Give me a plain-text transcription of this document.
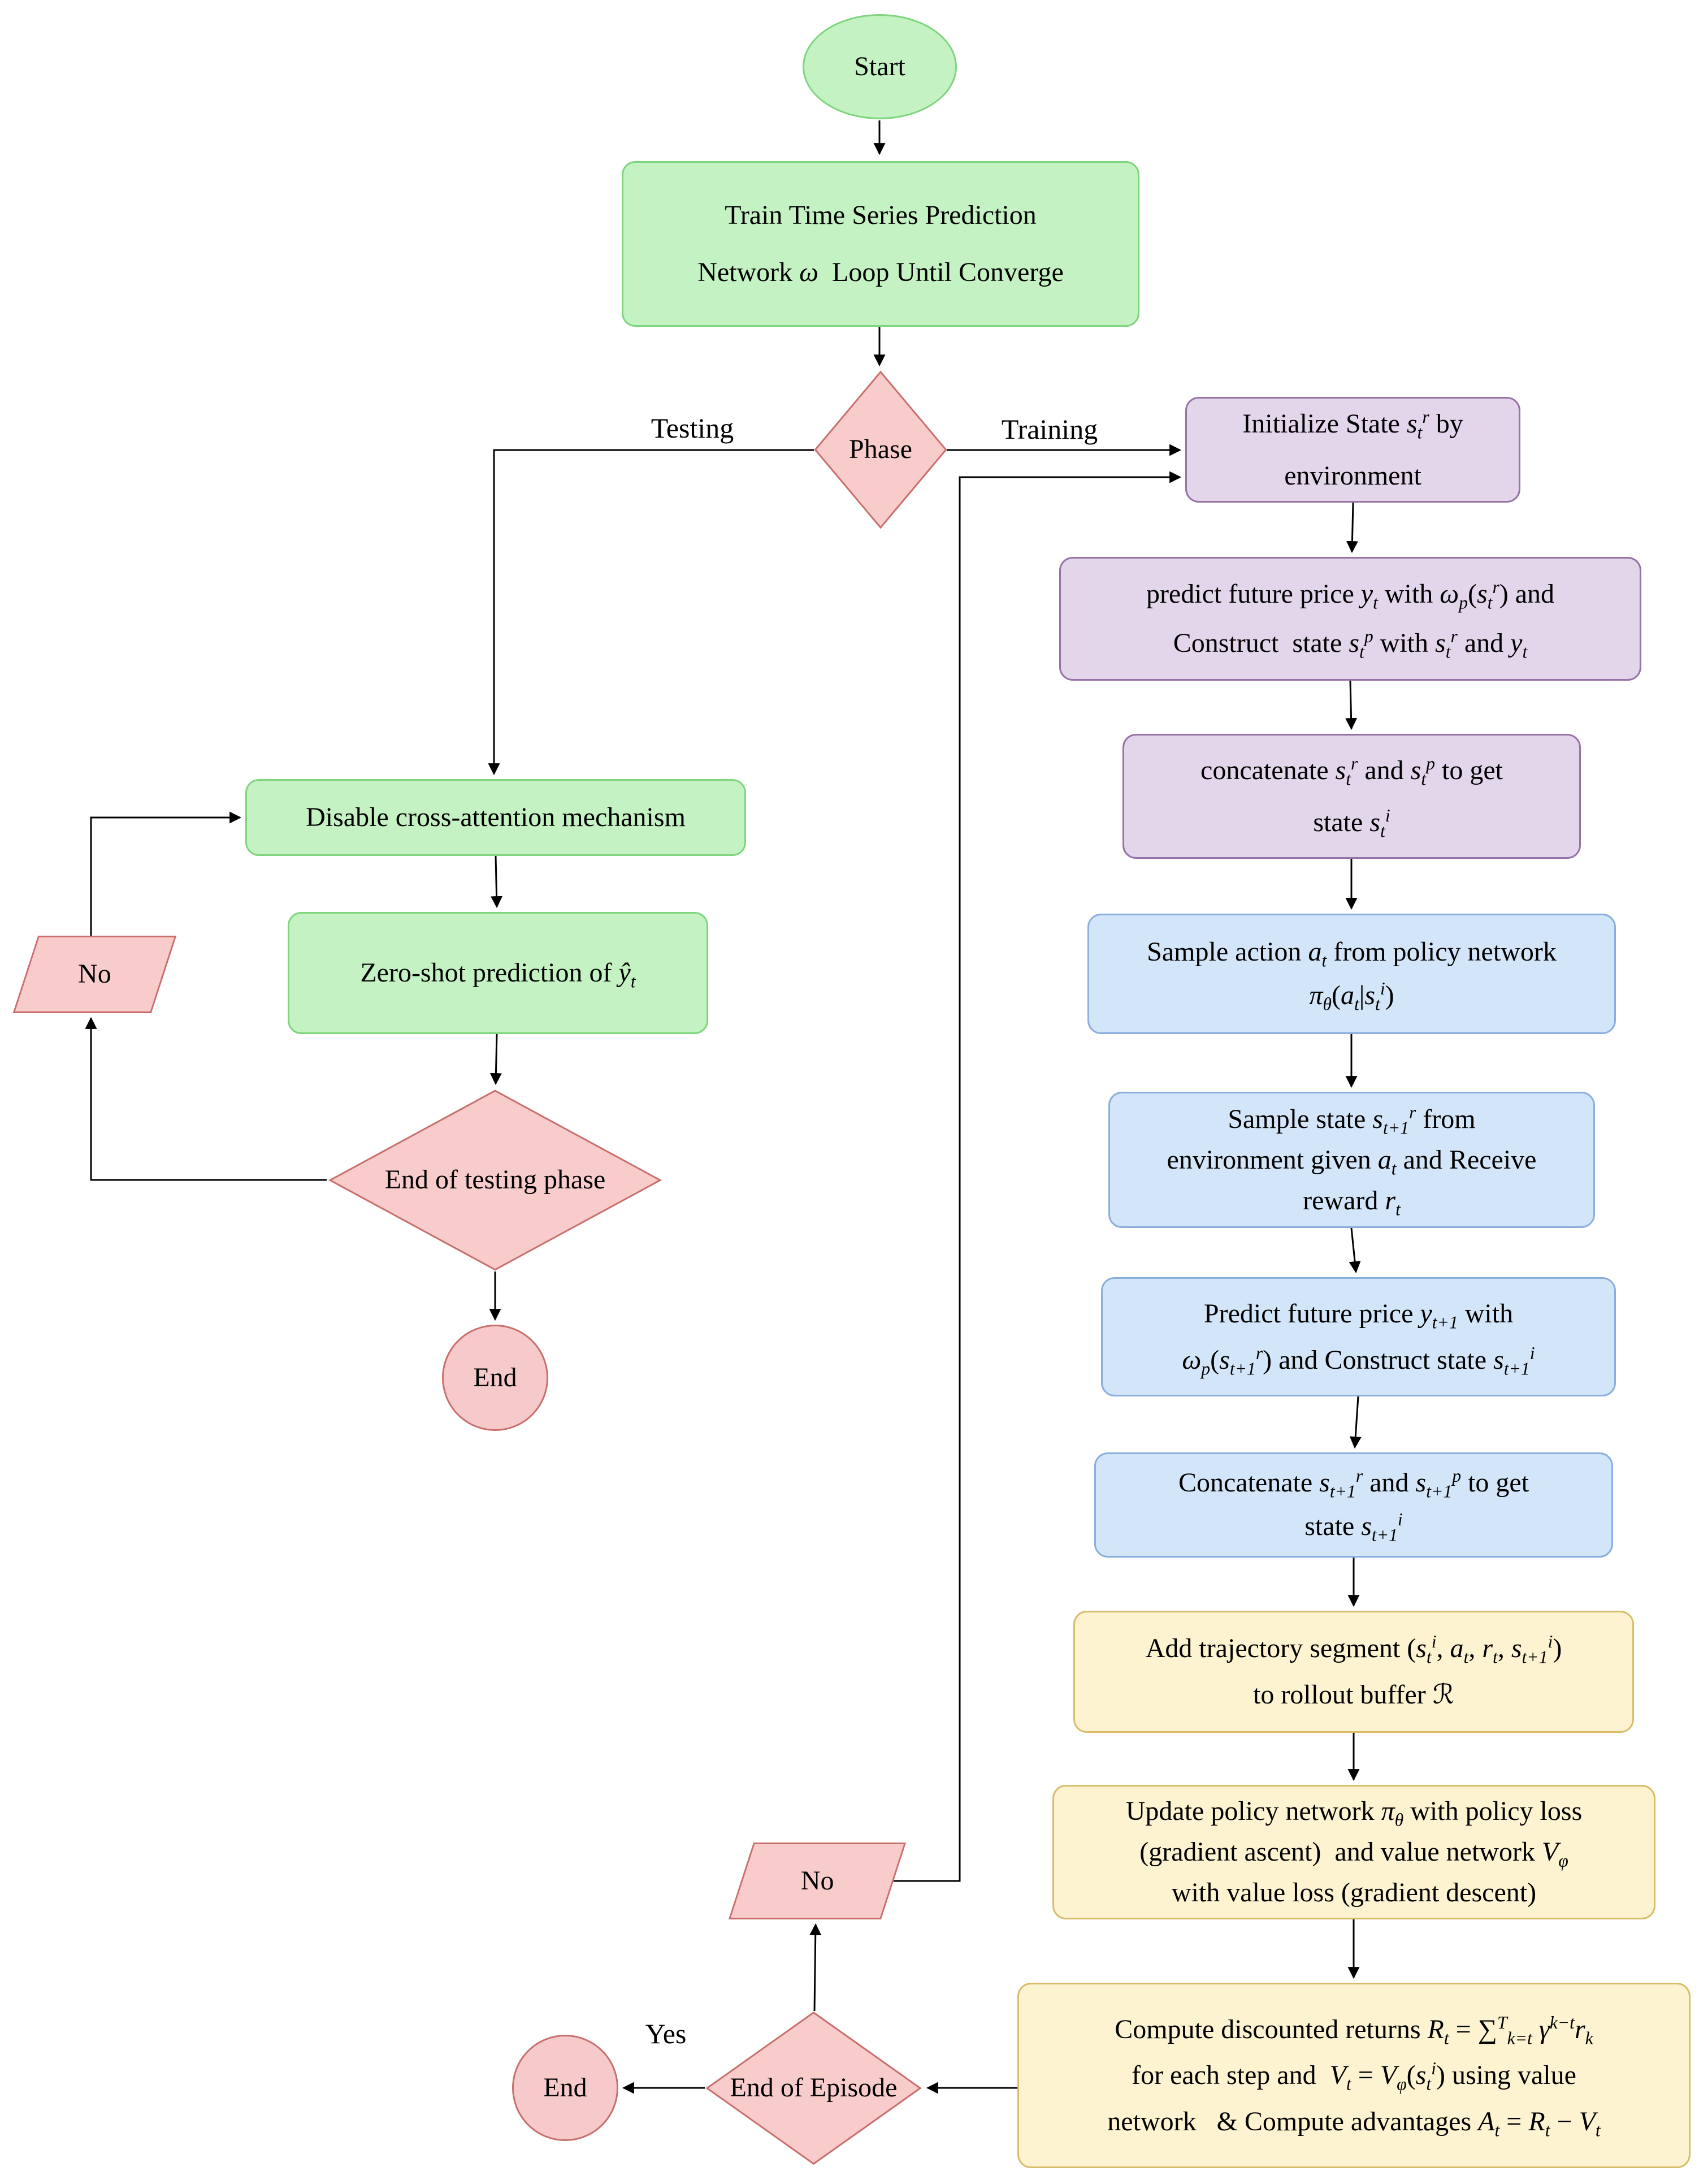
Start
Train Time Series Prediction
Network ω  Loop Until Converge
Phase
Testing	Training	Initialize State $s_t^r$ by
environment
predict future price $y_t$ with $\omega_p(s_t^r)$ and
Construct  state $s_t^p$ with $s_t^r$ and $y_t$
concatenate $s_t^r$ and $s_t^p$ to get
state $s_t^i$
Sample action $a_t$ from policy network
$\pi_\theta(a_t|s_t^i)$
Sample state $s_{t+1}^r$ from
environment given $a_t$ and Receive
reward $r_t$
Predict future price $y_{t+1}$ with
$\omega_p(s_{t+1}^r)$ and Construct state $s_{t+1}^i$
Concatenate $s_{t+1}^r$ and $s_{t+1}^p$ to get
state $s_{t+1}^i$
Add trajectory segment ($s_t^i$, $a_t$, $r_t$, $s_{t+1}^i$)
to rollout buffer ℛ
Update policy network $\pi_\theta$ with policy loss
(gradient ascent)  and value network $V_\varphi$
with value loss (gradient descent)
Compute discounted returns $R_t = \sum^T_{k=t}$ $\gamma^{k-t}r_k$
for each step and  $V_t = V_\varphi(s_t^i)$ using value
network   & Compute advantages $A_t = R_t - V_t$
End of Episode
Yes
End
No
Disable cross-attention mechanism
Zero-shot prediction of $ŷ_t$
End of testing phase
No
End
